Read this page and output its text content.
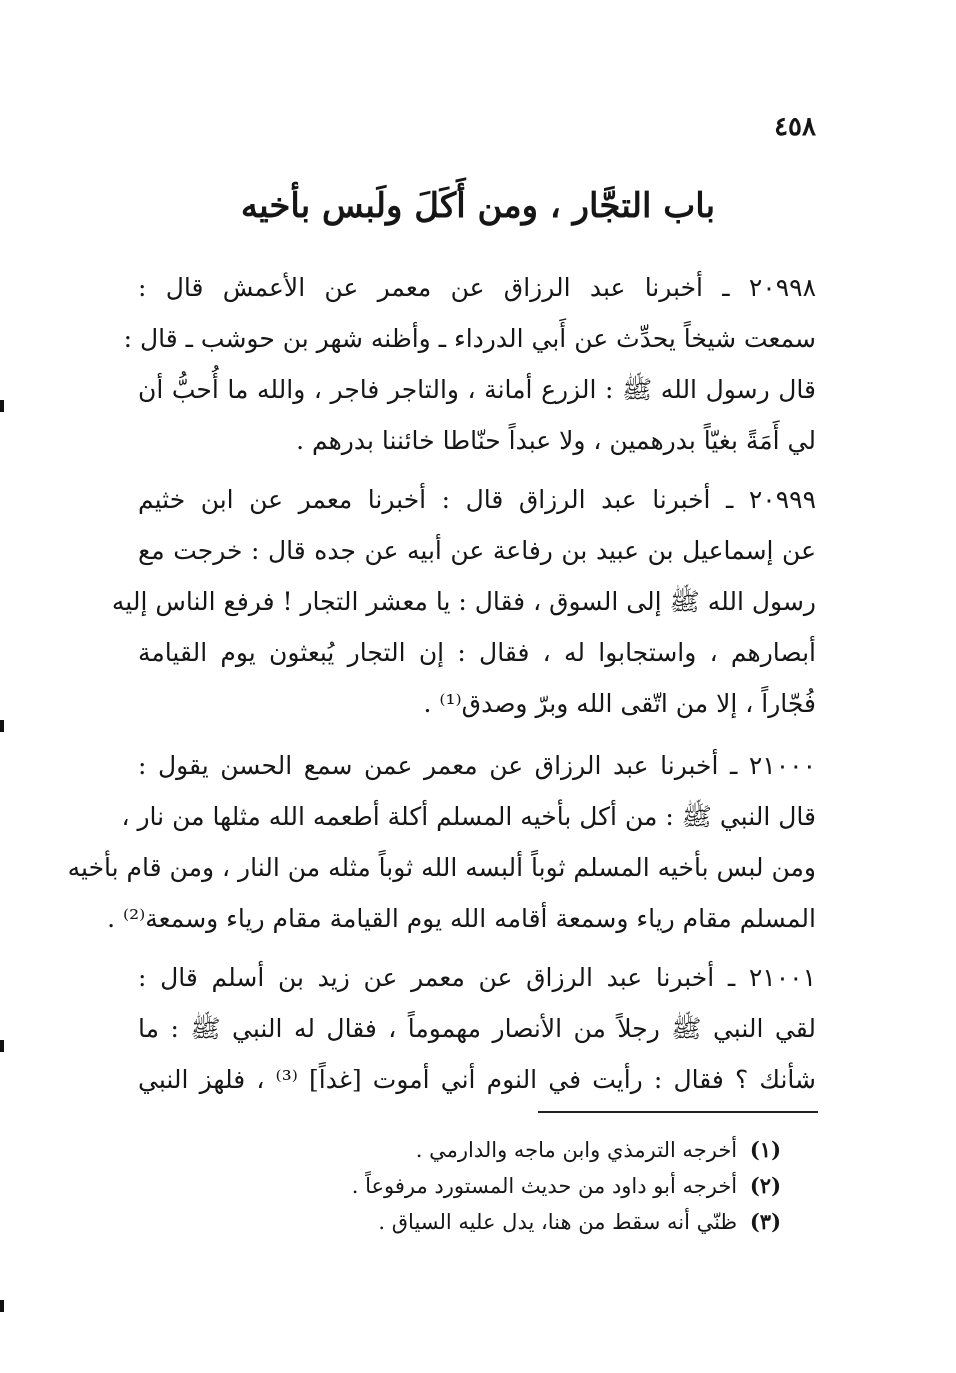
٤٥٨
باب التجَّار ، ومن أَكَلَ ولَبس بأخيه
٢٠٩٩٨ ـ أخبرنا عبد الرزاق عن معمر عن الأعمش قال :
سمعت شيخاً يحدِّث عن أَبي الدرداء ـ وأظنه شهر بن حوشب ـ قال :
قال رسول الله ﷺ : الزرع أمانة ، والتاجر فاجر ، والله ما أُحبُّ أن
لي أَمَةً بغيّاً بدرهمين ، ولا عبداً حنّاطا خائننا بدرهم .
٢٠٩٩٩ ـ أخبرنا عبد الرزاق قال : أخبرنا معمر عن ابن خثيم
عن إسماعيل بن عبيد بن رفاعة عن أبيه عن جده قال : خرجت مع
رسول الله ﷺ إلى السوق ، فقال : يا معشر التجار ! فرفع الناس إليه
أبصارهم ، واستجابوا له ، فقال : إن التجار يُبعثون يوم القيامة
فُجّاراً ، إلا من اتّقى الله وبرّ وصدق⁽¹⁾ .
٢١٠٠٠ ـ أخبرنا عبد الرزاق عن معمر عمن سمع الحسن يقول :
قال النبي ﷺ : من أكل بأخيه المسلم أكلة أطعمه الله مثلها من نار ،
ومن لبس بأخيه المسلم ثوباً ألبسه الله ثوباً مثله من النار ، ومن قام بأخيه
المسلم مقام رياء وسمعة أقامه الله يوم القيامة مقام رياء وسمعة⁽²⁾ .
٢١٠٠١ ـ أخبرنا عبد الرزاق عن معمر عن زيد بن أسلم قال :
لقي النبي ﷺ رجلاً من الأنصار مهموماً ، فقال له النبي ﷺ : ما
شأنك ؟ فقال : رأيت في النوم أني أموت [غداً] ⁽³⁾ ، فلهز النبي
(١) أخرجه الترمذي وابن ماجه والدارمي .
(٢) أخرجه أبو داود من حديث المستورد مرفوعاً .
(٣) ظنّي أنه سقط من هنا، يدل عليه السياق .
